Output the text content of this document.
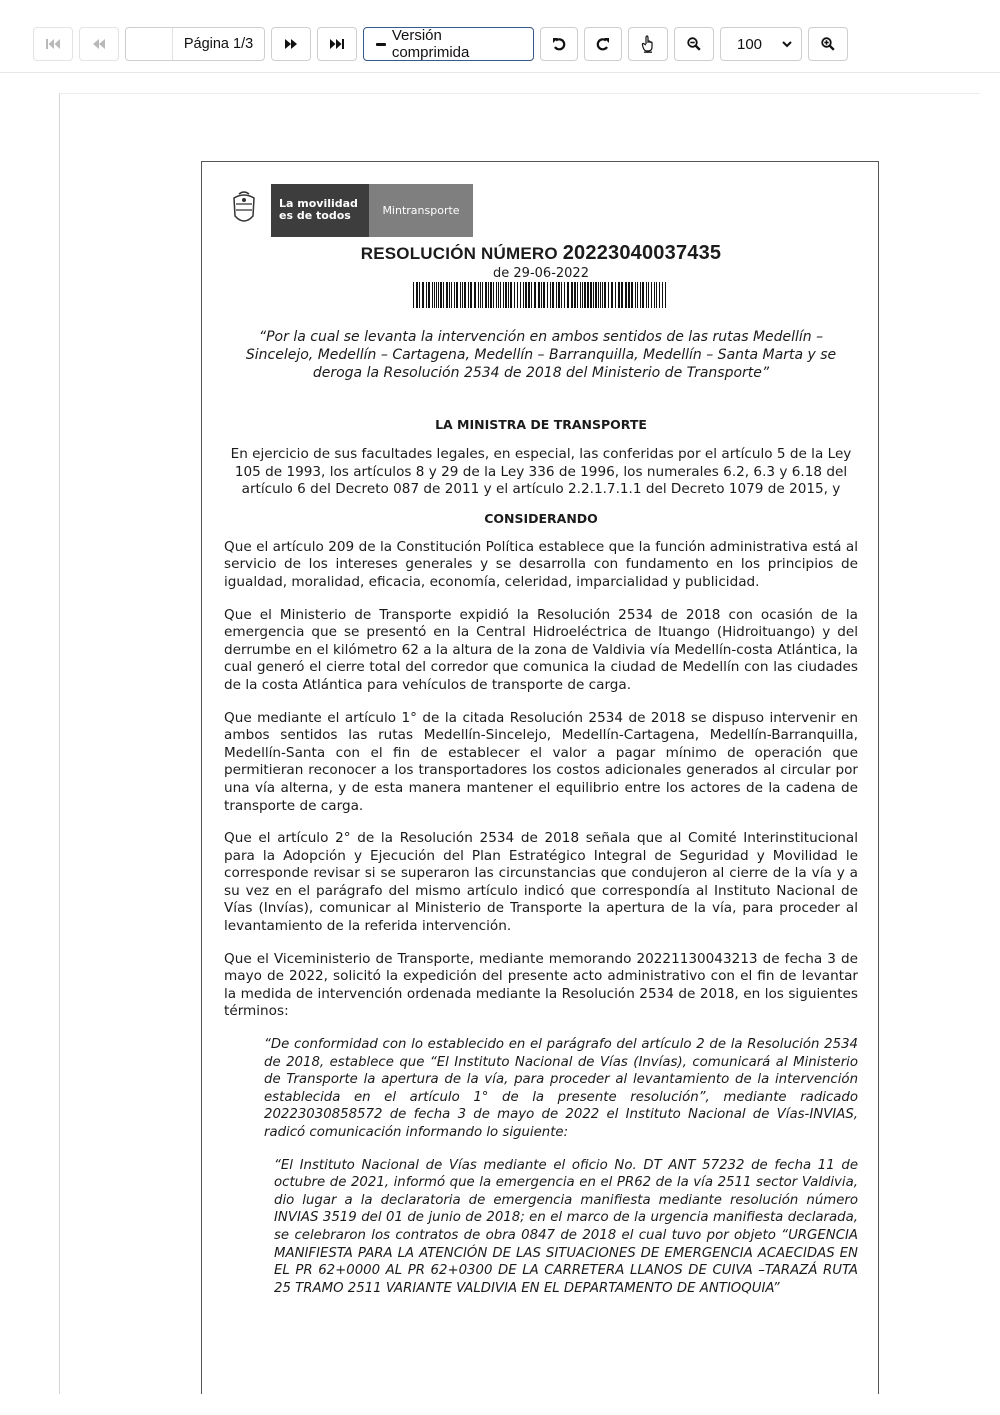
Página 1/3	Versión comprimida	100
La movilidad
es de todos	Mintransporte
RESOLUCIÓN NÚMERO 20223040037435
de 29-06-2022
“Por la cual se levanta la intervención en ambos sentidos de las rutas Medellín – Sincelejo, Medellín – Cartagena, Medellín – Barranquilla, Medellín – Santa Marta y se deroga la Resolución 2534 de 2018 del Ministerio de Transporte”
LA MINISTRA DE TRANSPORTE
En ejercicio de sus facultades legales, en especial, las conferidas por el artículo 5 de la Ley 105 de 1993, los artículos 8 y 29 de la Ley 336 de 1996, los numerales 6.2, 6.3 y 6.18 del artículo 6 del Decreto 087 de 2011 y el artículo 2.2.1.7.1.1 del Decreto 1079 de 2015, y
CONSIDERANDO
Que el artículo 209 de la Constitución Política establece que la función administrativa está al servicio de los intereses generales y se desarrolla con fundamento en los principios de igualdad, moralidad, eficacia, economía, celeridad, imparcialidad y publicidad.
Que el Ministerio de Transporte expidió la Resolución 2534 de 2018 con ocasión de la emergencia que se presentó en la Central Hidroeléctrica de Ituango (Hidroituango) y del derrumbe en el kilómetro 62 a la altura de la zona de Valdivia vía Medellín-costa Atlántica, la cual generó el cierre total del corredor que comunica la ciudad de Medellín con las ciudades de la costa Atlántica para vehículos de transporte de carga.
Que mediante el artículo 1° de la citada Resolución 2534 de 2018 se dispuso intervenir en ambos sentidos las rutas Medellín-Sincelejo, Medellín-Cartagena, Medellín-Barranquilla, Medellín-Santa con el fin de establecer el valor a pagar mínimo de operación que permitieran reconocer a los transportadores los costos adicionales generados al circular por una vía alterna, y de esta manera mantener el equilibrio entre los actores de la cadena de transporte de carga.
Que el artículo 2° de la Resolución 2534 de 2018 señala que al Comité Interinstitucional para la Adopción y Ejecución del Plan Estratégico Integral de Seguridad y Movilidad le corresponde revisar si se superaron las circunstancias que condujeron al cierre de la vía y a su vez en el parágrafo del mismo artículo indicó que correspondía al Instituto Nacional de Vías (Invías), comunicar al Ministerio de Transporte la apertura de la vía, para proceder al levantamiento de la referida intervención.
Que el Viceministerio de Transporte, mediante memorando 20221130043213 de fecha 3 de mayo de 2022, solicitó la expedición del presente acto administrativo con el fin de levantar la medida de intervención ordenada mediante la Resolución 2534 de 2018, en los siguientes términos:
“De conformidad con lo establecido en el parágrafo del artículo 2 de la Resolución 2534 de 2018, establece que “El Instituto Nacional de Vías (Invías), comunicará al Ministerio de Transporte la apertura de la vía, para proceder al levantamiento de la intervención establecida en el artículo 1° de la presente resolución”, mediante radicado 20223030858572 de fecha 3 de mayo de 2022 el Instituto Nacional de Vías-INVIAS, radicó comunicación informando lo siguiente:
“El Instituto Nacional de Vías mediante el oficio No. DT ANT 57232 de fecha 11 de octubre de 2021, informó que la emergencia en el PR62 de la vía 2511 sector Valdivia, dio lugar a la declaratoria de emergencia manifiesta mediante resolución número INVIAS 3519 del 01 de junio de 2018; en el marco de la urgencia manifiesta declarada, se celebraron los contratos de obra 0847 de 2018 el cual tuvo por objeto “URGENCIA MANIFIESTA PARA LA ATENCIÓN DE LAS SITUACIONES DE EMERGENCIA ACAECIDAS EN EL PR 62+0000 AL PR 62+0300 DE LA CARRETERA LLANOS DE CUIVA –TARAZÁ RUTA 25 TRAMO 2511 VARIANTE VALDIVIA EN EL DEPARTAMENTO DE ANTIOQUIA”
